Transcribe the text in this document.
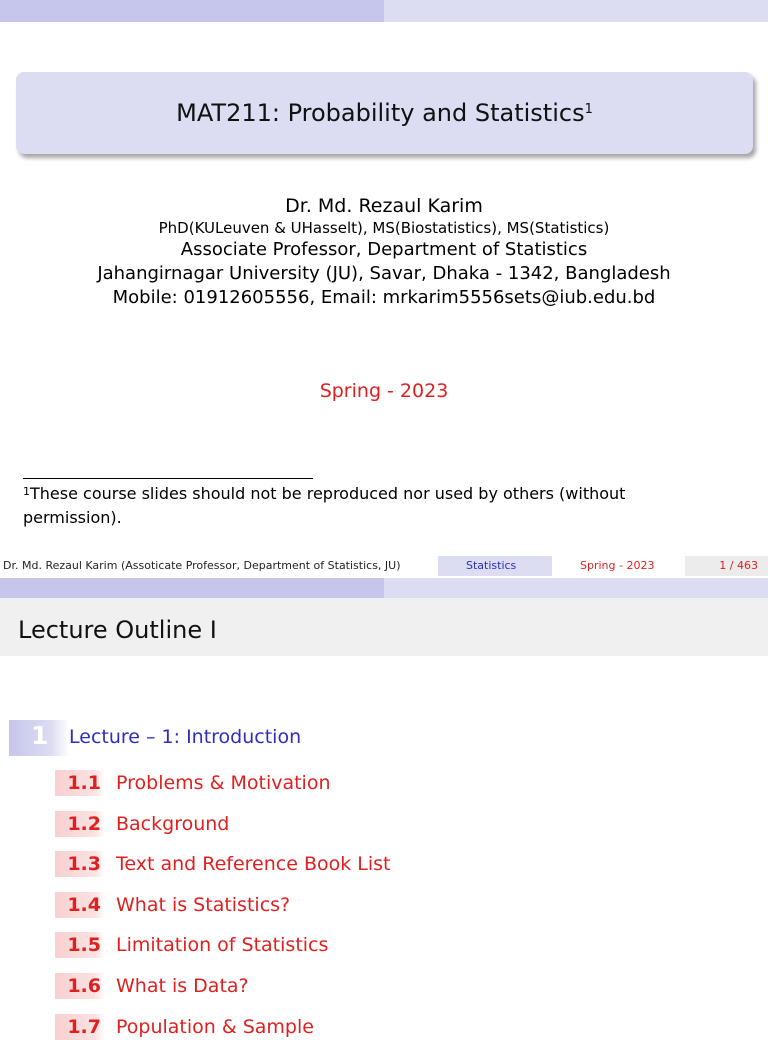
MAT211: Probability and Statistics$^1$
Dr. Md. Rezaul Karim
PhD(KULeuven & UHasselt), MS(Biostatistics), MS(Statistics)
Associate Professor, Department of Statistics
Jahangirnagar University (JU), Savar, Dhaka - 1342, Bangladesh
Mobile: 01912605556, Email: mrkarim5556sets@iub.edu.bd
Spring - 2023
$^1$These course slides should not be reproduced nor used by others (without permission).
Dr. Md. Rezaul Karim (Assoticate Professor, Department of Statistics, JU)	Statistics	Spring - 2023	1 / 463
Lecture Outline I
1 Lecture – 1: Introduction
1.1 Problems & Motivation
1.2 Background
1.3 Text and Reference Book List
1.4 What is Statistics?
1.5 Limitation of Statistics
1.6 What is Data?
1.7 Population & Sample
